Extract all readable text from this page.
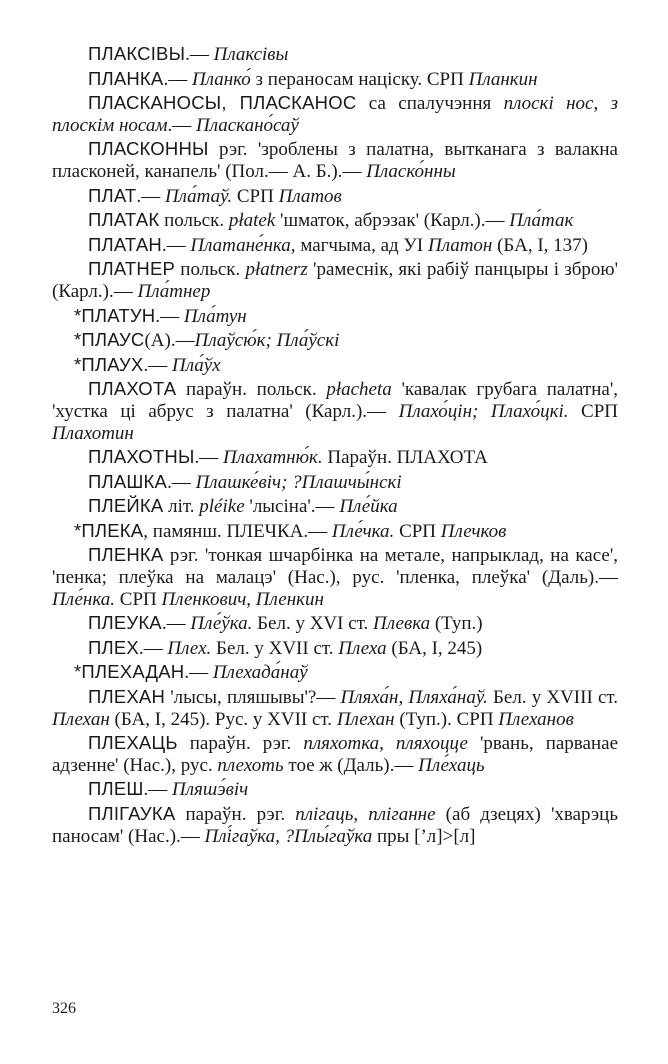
ПЛАКСІВЫ.— Плаксівы

ПЛАНКА.— Планко́ з пераносам націску. СРП Планкин

ПЛАСКАНОСЫ, ПЛАСКАНОС са спалучэння плоскі нос, з плоскім носам.— Пласкано́саў

ПЛАСКОННЫ рэг. 'зроблены з палатна, вытканага з валакна пласконей, канапель' (Пол.— А. Б.).— Пласко́нны

ПЛАТ.— Пла́таў. СРП Платов

ПЛАТАК польск. płatek 'шматок, абрэзак' (Карл.).— Пла́так

ПЛАТАН.— Платане́нка, магчыма, ад УІ Платон (БА, І, 137)

ПЛАТНЕР польск. płatnerz 'рамеснік, які рабіў панцыры і зброю' (Карл.).— Пла́тнер

*ПЛАТУН.— Пла́тун

*ПЛАУС(А).—Плаўсю́к; Пла́ўскі

*ПЛАУХ.— Пла́ўх

ПЛАХОТА параўн. польск. płacheta 'кавалак грубага палатна', 'хустка ці абрус з палатна' (Карл.).— Плахо́цін; Плахо́цкі. СРП Плахотин

ПЛАХОТНЫ.— Плахатню́к. Параўн. ПЛАХОТА

ПЛАШКА.— Плашке́віч; ?Плашчы́нскі

ПЛЕЙКА літ. pléike 'лысіна'.— Пле́йка

*ПЛЕКА, памянш. ПЛЕЧКА.— Пле́чка. СРП Плечков

ПЛЕНКА рэг. 'тонкая шчарбінка на метале, напрыклад, на касе', 'пенка; плеўка на малацэ' (Нас.), рус. 'пленка, плеўка' (Даль).— Пле́нка. СРП Пленкович, Пленкин

ПЛЕУКА.— Пле́ўка. Бел. у XVI ст. Плевка (Туп.)

ПЛЕХ.— Плех. Бел. у XVII ст. Плеха (БА, І, 245)

*ПЛЕХАДАН.— Плехада́наў

ПЛЕХАН 'лысы, пляшывы'?— Пляха́н, Пляха́наў. Бел. у XVIII ст. Плехан (БА, І, 245). Рус. у XVII ст. Плехан (Туп.). СРП Плеханов

ПЛЕХАЦЬ параўн. рэг. пляхотка, пляхоцце 'рвань, парванае адзенне' (Нас.), рус. плехоть тое ж (Даль).— Пле́хаць

ПЛЕШ.— Пляшэ́віч

ПЛІГАУКА параўн. рэг. плігаць, пліганне (аб дзецях) 'хварэць паносам' (Нас.).— Плі́гаўка, ?Плы́гаўка пры [’л]>[л]

326
